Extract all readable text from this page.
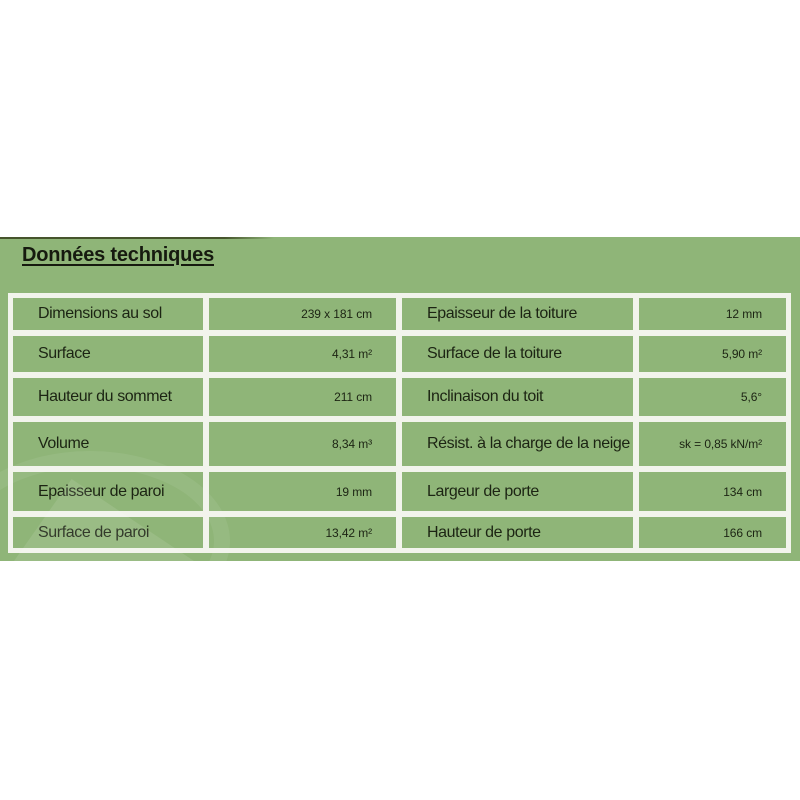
Données techniques
Dimensions au sol	239 x 181 cm	Epaisseur de la toiture	12 mm
Surface	4,31 m²	Surface de la toiture	5,90 m²
Hauteur du sommet	211 cm	Inclinaison du toit	5,6°
Volume	8,34 m³	Résist. à la charge de la neige	sk = 0,85 kN/m²
Epaisseur de paroi	19 mm	Largeur de porte	134 cm
Surface de paroi	13,42 m²	Hauteur de porte	166 cm
